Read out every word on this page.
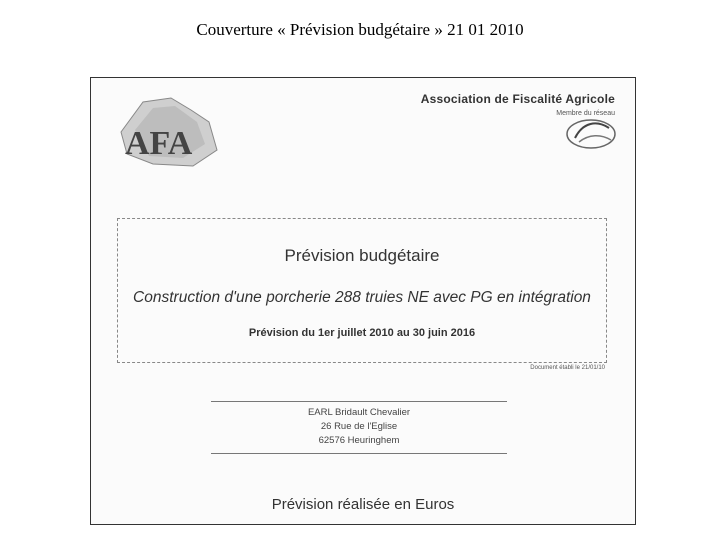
Couverture « Prévision budgétaire » 21 01 2010
AFA
Association de Fiscalité Agricole
Membre du réseau
Prévision budgétaire
Construction d'une porcherie 288 truies NE avec PG en intégration
Prévision du 1er juillet 2010 au 30 juin 2016
Document établi le 21/01/10
EARL Bridault Chevalier
26 Rue de l'Eglise
62576 Heuringhem
Prévision réalisée en Euros
